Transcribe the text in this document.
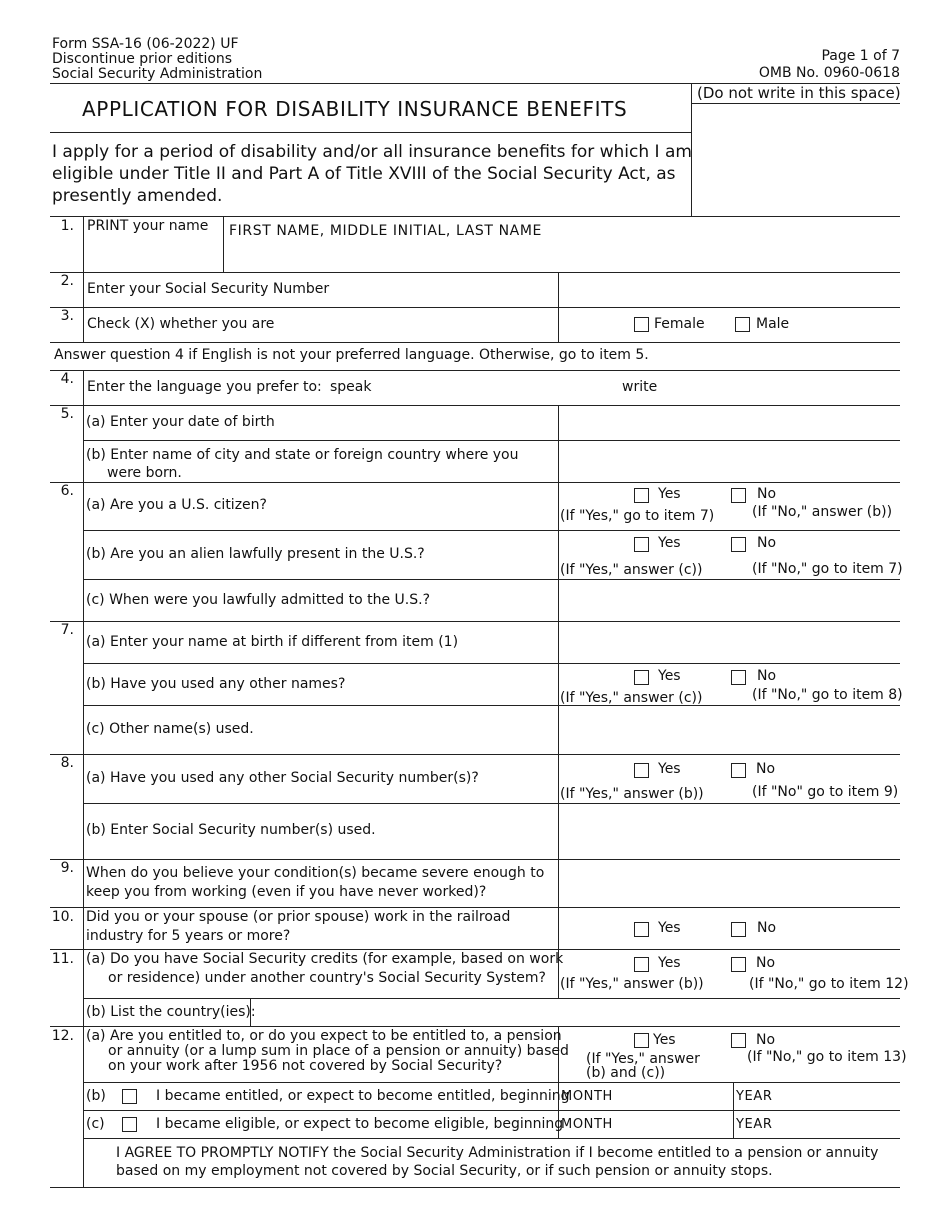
Form SSA-16 (06-2022) UF
Discontinue prior editions
Social Security Administration
Page 1 of 7
OMB No. 0960-0618
APPLICATION FOR DISABILITY INSURANCE BENEFITS
(Do not write in this space)
I apply for a period of disability and/or all insurance benefits for which I am
eligible under Title II and Part A of Title XVIII of the Social Security Act, as
presently amended.
1. PRINT your name FIRST NAME, MIDDLE INITIAL, LAST NAME
2. Enter your Social Security Number
3. Check (X) whether you are	Female	Male
Answer question 4 if English is not your preferred language. Otherwise, go to item 5.
4. Enter the language you prefer to: speak	write
5. (a) Enter your date of birth
(b) Enter name of city and state or foreign country where you
were born.
6.
(a) Are you a U.S. citizen?
Yes	No
(If "Yes," go to item 7)	(If "No," answer (b))
(b) Are you an alien lawfully present in the U.S.?
Yes	No
(If "Yes," answer (c))	(If "No," go to item 7)
(c) When were you lawfully admitted to the U.S.?
7.
(a) Enter your name at birth if different from item (1)
(b) Have you used any other names?	Yes	No
(If "Yes," answer (c))	(If "No," go to item 8)
(c) Other name(s) used.
8.
(a) Have you used any other Social Security number(s)?
Yes	No
(If "Yes," answer (b))	(If "No" go to item 9)
(b) Enter Social Security number(s) used.
9. When do you believe your condition(s) became severe enough to
keep you from working (even if you have never worked)?
10. Did you or your spouse (or prior spouse) work in the railroad
industry for 5 years or more?	Yes	No
11. (a) Do you have Social Security credits (for example, based on work
or residence) under another country's Social Security System?
Yes	No
(If "Yes," answer (b))	(If "No," go to item 12)
(b) List the country(ies):
12. (a) Are you entitled to, or do you expect to be entitled to, a pension
or annuity (or a lump sum in place of a pension or annuity) based
on your work after 1956 not covered by Social Security?
Yes	No
(If "Yes," answer
(b) and (c))
(If "No," go to item 13)
(b)	I became entitled, or expect to become entitled, beginning
MONTH	YEAR
(c)	I became eligible, or expect to become eligible, beginning
MONTH	YEAR
I AGREE TO PROMPTLY NOTIFY the Social Security Administration if I become entitled to a pension or annuity
based on my employment not covered by Social Security, or if such pension or annuity stops.
